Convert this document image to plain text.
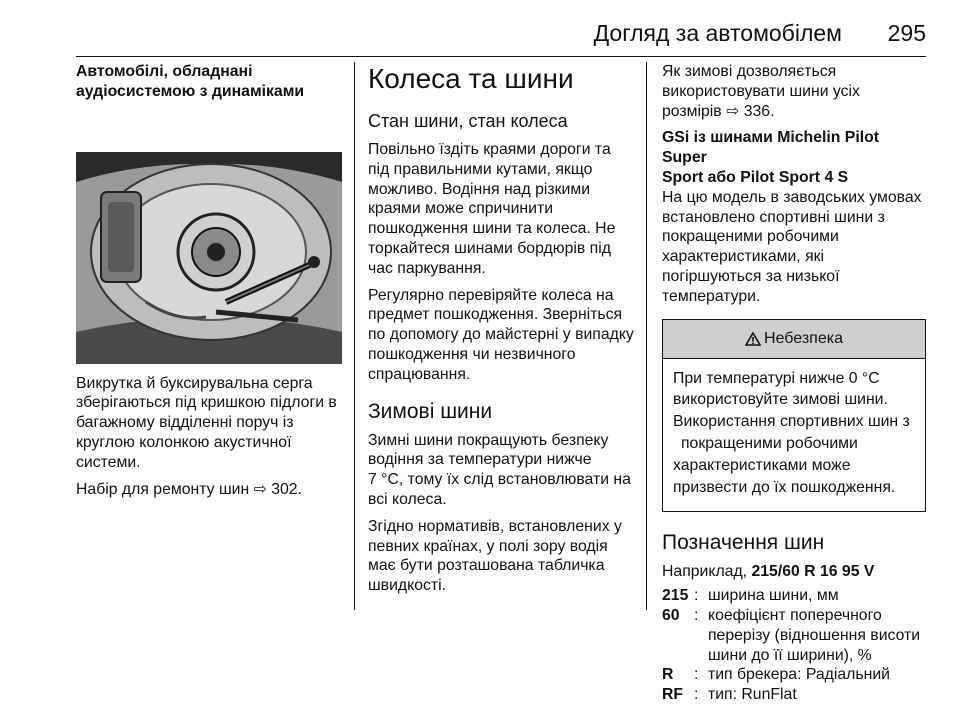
Догляд за автомобілем 295

Автомобілі, обладнані

аудіосистемою з динаміками

Викрутка й буксирувальна серга

зберігаються під кришкою підлоги в

багажному відділенні поруч із

круглою колонкою акустичної

системи.

Набір для ремонту шин ⇨ 302.

Колеса та шини
Стан шини, стан колеса

Повільно їздіть краями дороги та

під правильними кутами, якщо

можливо. Водіння над різкими

краями може спричинити

пошкодження шини та колеса. Не

торкайтеся шинами бордюрів під

час паркування.

Регулярно перевіряйте колеса на

предмет пошкодження. Зверніться

по допомогу до майстерні у випадку

пошкодження чи незвичного

спрацювання.

Зимові шини

Зимні шини покращують безпеку

водіння за температури нижче

7 °C, тому їх слід встановлювати на

всі колеса.

Згідно нормативів, встановлених у

певних країнах, у полі зору водія

має бути розташована табличка

швидкості.

Як зимові дозволяється

використовувати шини усіх

розмірів ⇨ 336.

GSi із шинами Michelin Pilot Super

Sport або Pilot Sport 4 S

На цю модель в заводських умовах

встановлено спортивні шини з

покращеними робочими

характеристиками, які

погіршуються за низької

температури.

Небезпека

При температурі нижче 0 °C

використовуйте зимові шини.

Використання спортивних шин з

покращеними робочими

характеристиками може

призвести до їх пошкодження.

Позначення шин

Наприклад, 215/60 R 16 95 V

215 : ширина шини, мм
60 : коефіцієнт поперечного
перерізу (відношення висоти
шини до її ширини), %
R	: тип брекера: Радіальний
RF : тип: RunFlat
